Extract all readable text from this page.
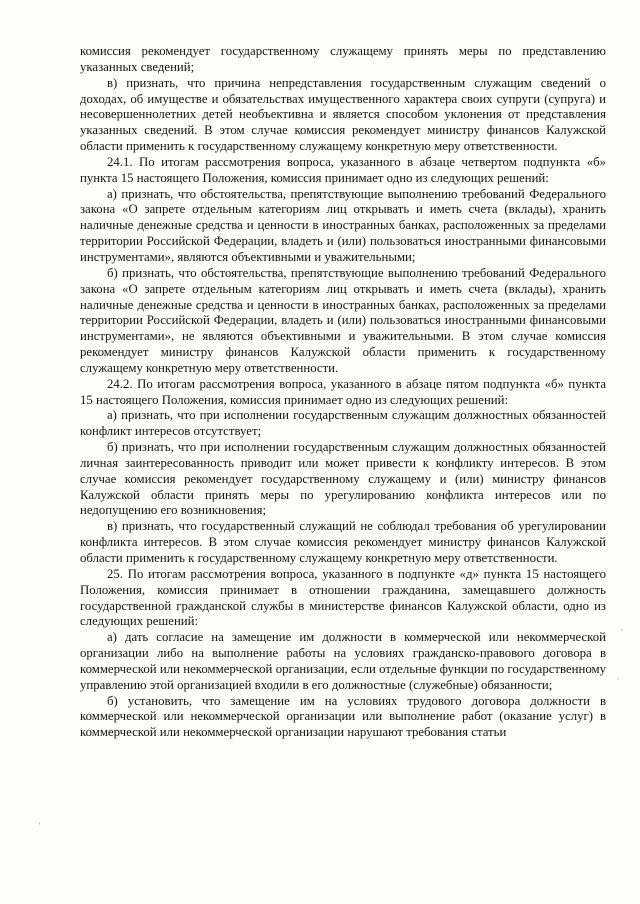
комиссия рекомендует государственному служащему принять меры по представлению указанных сведений;

в) признать, что причина непредставления государственным служащим сведений о доходах, об имуществе и обязательствах имущественного характера своих супруги (супруга) и несовершеннолетних детей необъективна и является способом уклонения от представления указанных сведений. В этом случае комиссия рекомендует министру финансов Калужской области применить к государственному служащему конкретную меру ответственности.

24.1. По итогам рассмотрения вопроса, указанного в абзаце четвертом подпункта «б» пункта 15 настоящего Положения, комиссия принимает одно из следующих решений:

а) признать, что обстоятельства, препятствующие выполнению требований Федерального закона «О запрете отдельным категориям лиц открывать и иметь счета (вклады), хранить наличные денежные средства и ценности в иностранных банках, расположенных за пределами территории Российской Федерации, владеть и (или) пользоваться иностранными финансовыми инструментами», являются объективными и уважительными;

б) признать, что обстоятельства, препятствующие выполнению требований Федерального закона «О запрете отдельным категориям лиц открывать и иметь счета (вклады), хранить наличные денежные средства и ценности в иностранных банках, расположенных за пределами территории Российской Федерации, владеть и (или) пользоваться иностранными финансовыми инструментами», не являются объективными и уважительными. В этом случае комиссия рекомендует министру финансов Калужской области применить к государственному служащему конкретную меру ответственности.

24.2. По итогам рассмотрения вопроса, указанного в абзаце пятом подпункта «б» пункта 15 настоящего Положения, комиссия принимает одно из следующих решений:

а) признать, что при исполнении государственным служащим должностных обязанностей конфликт интересов отсутствует;

б) признать, что при исполнении государственным служащим должностных обязанностей личная заинтересованность приводит или может привести к конфликту интересов. В этом случае комиссия рекомендует государственному служащему и (или) министру финансов Калужской области принять меры по урегулированию конфликта интересов или по недопущению его возникновения;

в) признать, что государственный служащий не соблюдал требования об урегулировании конфликта интересов. В этом случае комиссия рекомендует министру финансов Калужской области применить к государственному служащему конкретную меру ответственности.

25. По итогам рассмотрения вопроса, указанного в подпункте «д» пункта 15 настоящего Положения, комиссия принимает в отношении гражданина, замещавшего должность государственной гражданской службы в министерстве финансов Калужской области, одно из следующих решений:

а) дать согласие на замещение им должности в коммерческой или некоммерческой организации либо на выполнение работы на условиях гражданско-правового договора в коммерческой или некоммерческой организации, если отдельные функции по государственному управлению этой организацией входили в его должностные (служебные) обязанности;

б) установить, что замещение им на условиях трудового договора должности в коммерческой или некоммерческой организации или выполнение работ (оказание услуг) в коммерческой или некоммерческой организации нарушают требования статьи

·
′
ˌ
